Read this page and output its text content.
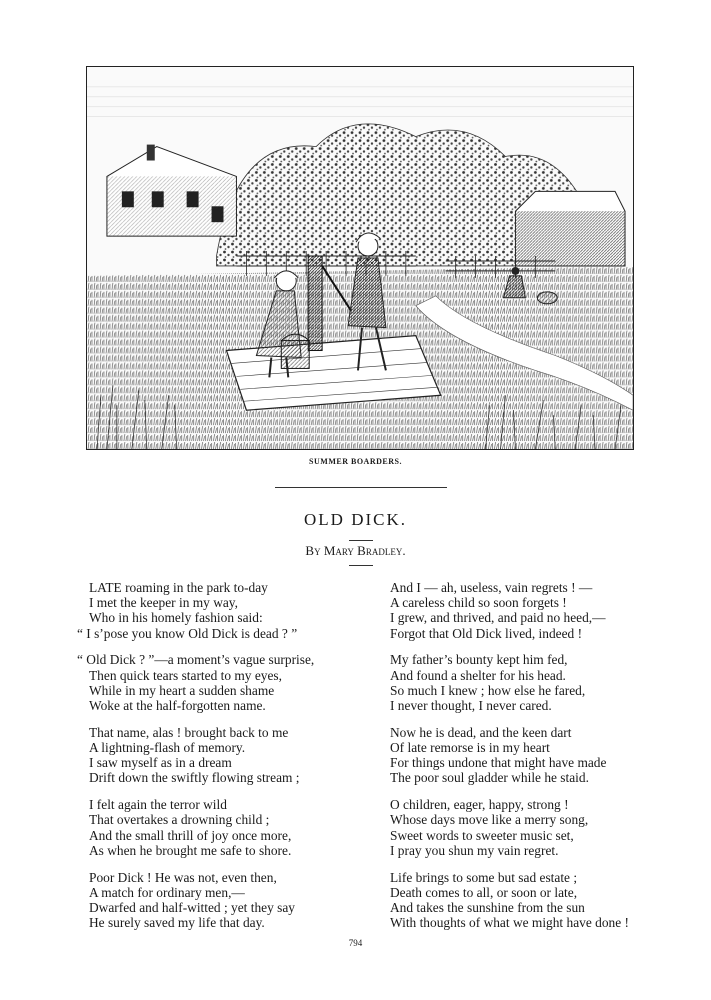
SUMMER BOARDERS.
OLD DICK.
By Mary Bradley.
LATE roaming in the park to-day
I met the keeper in my way,
Who in his homely fashion said:
“ I s’pose you know Old Dick is dead ? ”
“ Old Dick ? ”—a moment’s vague surprise,
Then quick tears started to my eyes,
While in my heart a sudden shame
Woke at the half-forgotten name.
That name, alas ! brought back to me
A lightning-flash of memory.
I saw myself as in a dream
Drift down the swiftly flowing stream ;
I felt again the terror wild
That overtakes a drowning child ;
And the small thrill of joy once more,
As when he brought me safe to shore.
Poor Dick ! He was not, even then,
A match for ordinary men,—
Dwarfed and half-witted ; yet they say
He surely saved my life that day.
And I — ah, useless, vain regrets ! —
A careless child so soon forgets !
I grew, and thrived, and paid no heed,—
Forgot that Old Dick lived, indeed !
My father’s bounty kept him fed,
And found a shelter for his head.
So much I knew ; how else he fared,
I never thought, I never cared.
Now he is dead, and the keen dart
Of late remorse is in my heart
For things undone that might have made
The poor soul gladder while he staid.
O children, eager, happy, strong !
Whose days move like a merry song,
Sweet words to sweeter music set,
I pray you shun my vain regret.
Life brings to some but sad estate ;
Death comes to all, or soon or late,
And takes the sunshine from the sun
With thoughts of what we might have done !
794
